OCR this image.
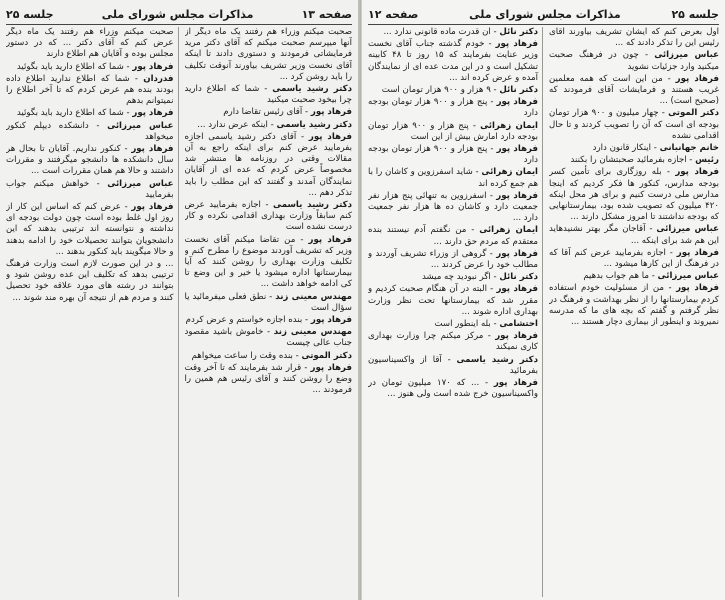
صفحه ۱۳
مذاکرات مجلس شورای ملی
جلسه ۲۵

صحبت میکنم وزراء هم رفتند یک ماه دیگر از آنها میپرسم صحبت میکنم که آقای دکتر مرید فرمایشاتی فرمودند و دستوری دادند تا اینکه آقای نخست وزیر تشریف بیاورند آنوقت تکلیف را باید روشن کرد ...

دکتر رشید یاسمی - شما که اطلاع دارید چرا بیخود صحبت میکنید

فرهاد پور - آقای رئیس تقاضا دارم

دکتر رشید یاسمی - اینکه عرض ندارد ...

فرهاد پور - آقای دکتر رشید یاسمی اجازه بفرمایید عرض کنم برای اینکه راجع به آن مقالات وقتی در روزنامه ها منتشر شد مخصوصاً عرض کردم که عده ای از آقایان نمایندگان آمدند و گفتند که این مطلب را باید تذکر دهم ...

دکتر رشید یاسمی - اجازه بفرمایید عرض کنم سابقاً وزارت بهداری اقدامی نکرده و کار درست نشده است

فرهاد پور - من تقاضا میکنم آقای نخست وزیر که تشریف آوردند موضوع را مطرح کنم و تکلیف وزارت بهداری را روشن کنند که آیا بیمارستانها اداره میشود یا خیر و این وضع تا کی ادامه خواهد داشت ...

مهندس معینی زند - نطق فعلی میفرمائید یا سؤال است

فرهاد پور - بنده اجازه خواستم و عرض کردم

مهندس معینی زند - خاموش باشید مقصود جناب عالی چیست

دکتر الموتی - بنده وقت را ساعت میخواهم

فرهاد پور - قرار شد بفرمایند که تا آخر وقت وضع را روشن کنند و آقای رئیس هم همین را فرمودند ...

صحبت میکنم وزراء هم رفتند یک ماه دیگر عرض کنم که آقای دکتر ... که در دستور مجلس بوده و آقایان هم اطلاع دارند

فرهاد پور - شما که اطلاع دارید باید بگوئید

فدردان - شما که اطلاع ندارید اطلاع داده بودند بنده هم عرض کردم که تا آخر اطلاع را نمیتوانم بدهم

فرهاد پور - شما که اطلاع دارید باید بگوئید

عباس میرزائی - دانشکده دیپلم کنکور میخواهد

فرهاد پور - کنکور نداریم. آقایان تا بحال هر سال دانشکده ها دانشجو میگرفتند و مقررات داشتند و حالا هم همان مقررات است ...

عباس میرزائی - خواهش میکنم جواب بفرمایید

فرهاد پور - عرض کنم که اساس این کار از روز اول غلط بوده است چون دولت بودجه ای نداشته و نتوانسته اند ترتیبی بدهند که این دانشجویان بتوانند تحصیلات خود را ادامه بدهند و حالا میگویند باید کنکور بدهند ...

... و در این صورت لازم است وزارت فرهنگ ترتیبی بدهد که تکلیف این عده روشن شود و بتوانند در رشته های مورد علاقه خود تحصیل کنند و مردم هم از نتیجه آن بهره مند شوند ...

جلسه ۲۵
مذاکرات مجلس شورای ملی
صفحه ۱۲

اول بعرض کنم که ایشان تشریف بیاورند آقای رئیس این را تذکر دادند که ...

عباس میرزائی - چون در فرهنگ صحبت میکنید وارد جزئیات نشوید

فرهاد پور - من این است که همه معلمین غریب هستند و فرمایشات آقای فرمودند که (صحیح است) ...

دکتر الموتی - چهار میلیون و ۹۰۰ هزار تومان بودجه ای است که آن را تصویب کردند و تا حال اقدامی نشده

خانم جهانبانی - اینکار قانون دارد

رئیس - اجازه بفرمائید صحبتشان را بکنند

فرهاد پور - بله روزگاری برای تأمین کسر بودجه مدارس، کنکور ها فکر کردیم که اینجا مدارس ملی درست کنیم و برای هر محل اینکه ۴۲۰ میلیون که تصویب شده بود، بیمارستانهایی که بودجه نداشتند تا امروز مشکل دارند ...

عباس میرزائی - آقاجان مگر بهتر نشنیدهاید این هم شد برای اینکه ...

فرهاد پور - اجازه بفرمایید عرض کنم آقا که در فرهنگ از این کارها میشود ...

عباس میرزائی - ما هم جواب بدهیم

فرهاد پور - من از مسئولیت خودم استفاده کردم بیمارستانها را از نظر بهداشت و فرهنگ در نظر گرفتم و گفتم که بچه های ما که مدرسه نمیروند و اینطور از بیماری دچار هستند ...

دکتر نائل - آن قدرت ماده قانونی ندارد ...

فرهاد پور - خودم گذشته جناب آقای نخست وزیر عنایت بفرمایند که ۱۵ روز تا ۴۸ کابینه تشکیل است و در این مدت عده ای از نمایندگان آمده و عرض کرده اند ...

دکتر نائل - ۹ هزار و ۹۰۰ هزار تومان است

فرهاد پور - پنج هزار و ۹۰۰ هزار تومان بودجه دارد

ایمان زهرائی - پنج هزار و ۹۰۰ هزار تومان بودجه دارد امارش بیش از این است

فرهاد پور - پنج هزار و ۹۰۰ هزار تومان بودجه دارد

ایمان زهرائی - شاید اسفرزوین و کاشان را با هم جمع کرده اند

فرهاد پور - اسفرزوین به تنهائی پنج هزار نفر جمعیت دارد و کاشان ده ها هزار نفر جمعیت دارد ...

ایمان زهرائی - من نگفتم آدم نیستند بنده معتقدم که مردم حق دارند ...

فرهاد پور - گروهی از وزراء تشریف آوردند و مطالب خود را عرض کردند ...

دکتر نائل - اگر نبودید چه میشد

فرهاد پور - البته در آن هنگام صحبت کردیم و مقرر شد که بیمارستانها تحت نظر وزارت بهداری اداره شوند ...

احتشامی - بله اینطور است

فرهاد پور - مرکز میکنم چرا وزارت بهداری کاری نمیکند

دکتر رشید یاسمی - آقا از واکسیناسیون بفرمائید

فرهاد پور - ... که ۱۷۰ میلیون تومان در واکسیناسیون خرج شده است ولی هنوز ...
